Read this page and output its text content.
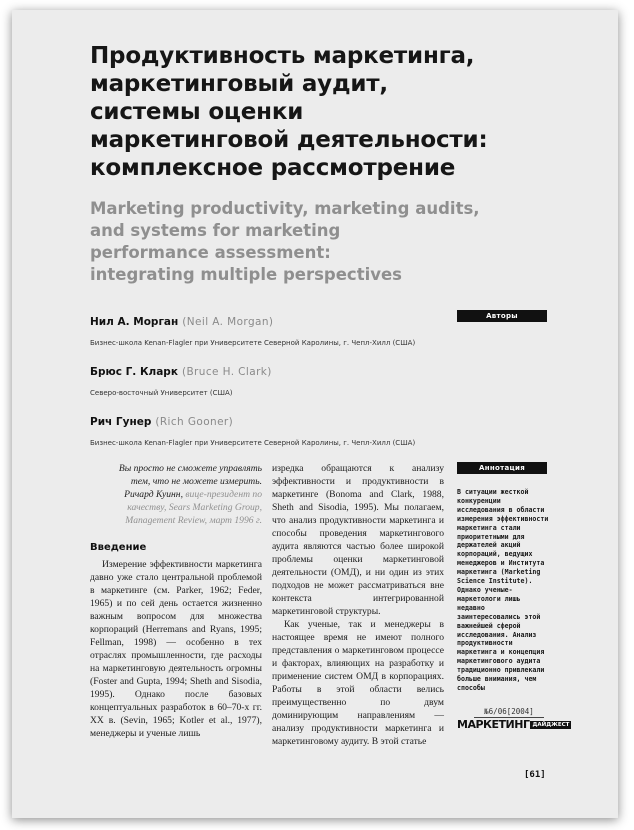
Продуктивность маркетинга,
маркетинговый аудит,
системы оценки
маркетинговой деятельности:
комплексное рассмотрение
Marketing productivity, marketing audits,
and systems for marketing
performance assessment:
integrating multiple perspectives
Авторы
Нил А. Морган (Neil A. Morgan)
Бизнес-школа Kenan-Flagler при Университете Северной Каролины, г. Чепл-Хилл (США)
Брюс Г. Кларк (Bruce H. Clark)
Северо-восточный Университет (США)
Рич Гунер (Rich Gooner)
Бизнес-школа Kenan-Flagler при Университете Северной Каролины, г. Чепл-Хилл (США)
Вы просто не сможете управлять тем, что не можете измерить. Ричард Куинн, вице-президент по качеству, Sears Marketing Group, Management Review, март 1996 г.
Введение

Измерение эффективности маркетинга давно уже стало центральной проблемой в маркетинге (см. Parker, 1962; Feder, 1965) и по сей день остается жизненно важным вопросом для множества корпораций (Herremans and Ryans, 1995; Fellman, 1998) — особенно в тех отраслях промышленности, где расходы на маркетинговую деятельность огромны (Foster and Gupta, 1994; Sheth and Sisodia, 1995). Однако после базовых концептуальных разработок в 60–70-х гг. XX в. (Sevin, 1965; Kotler et al., 1977), менеджеры и ученые лишь

изредка обращаются к анализу эффективности и продуктивности в маркетинге (Bonoma and Clark, 1988, Sheth and Sisodia, 1995). Мы полагаем, что анализ продуктивности маркетинга и способы проведения маркетингового аудита являются частью более широкой проблемы оценки маркетинговой деятельности (ОМД), и ни один из этих подходов не может рассматриваться вне контекста интегрированной маркетинговой структуры.

Как ученые, так и менеджеры в настоящее время не имеют полного представления о маркетинговом процессе и факторах, влияющих на разработку и применение систем ОМД в корпорациях. Работы в этой области велись преимущественно по двум доминирующим направлениям — анализу продуктивности маркетинга и маркетинговому аудиту. В этой статье

Аннотация
В ситуации жесткой конкуренции исследования в области измерения эффективности маркетинга стали приоритетными для держателей акций корпораций, ведущих менеджеров и Института маркетинга (Marketing Science Institute). Однако ученые-маркетологи лишь недавно заинтересовались этой важнейшей сферой исследования. Анализ продуктивности маркетинга и концепция маркетингового аудита традиционно привлекали больше внимания, чем способы
№6/06[2004]
МАРКЕТИНГ ДАЙДЖЕСТ
[61]
